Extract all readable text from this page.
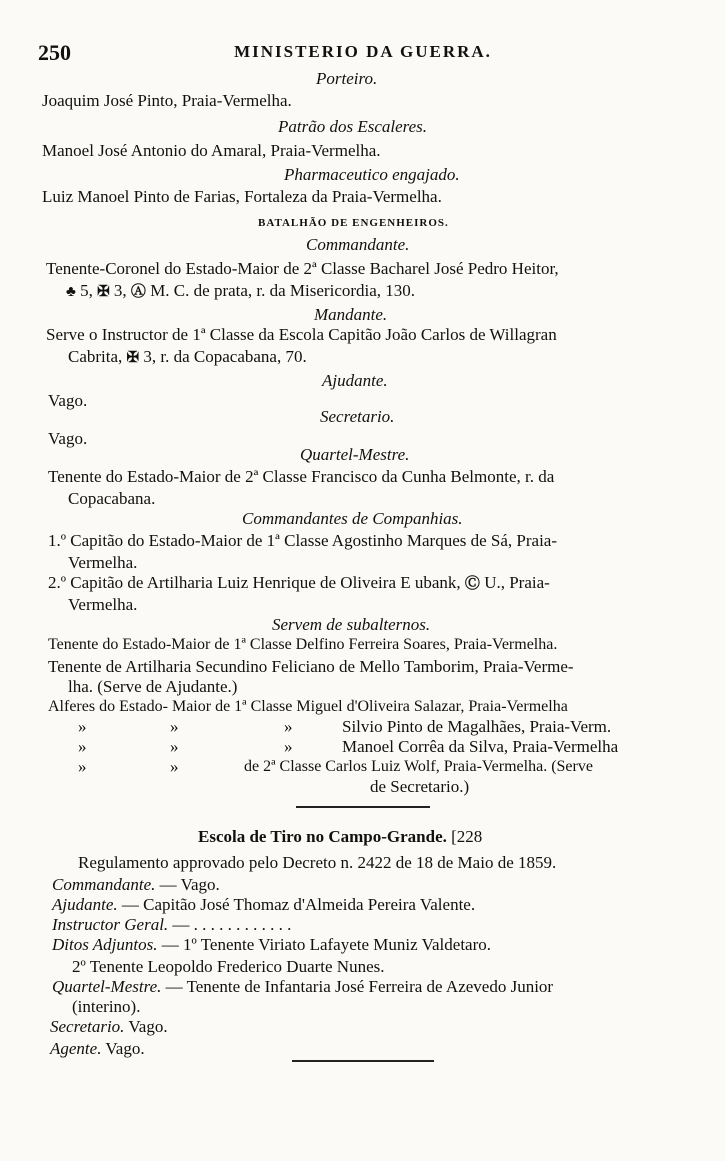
250	MINISTERIO DA GUERRA.
Porteiro.
Joaquim José Pinto, Praia-Vermelha.
Patrão dos Escaleres.
Manoel José Antonio do Amaral, Praia-Vermelha.
Pharmaceutico engajado.
Luiz Manoel Pinto de Farias, Fortaleza da Praia-Vermelha.
BATALHÃO DE ENGENHEIROS.
Commandante.
Tenente-Coronel do Estado-Maior de 2ª Classe Bacharel José Pedro Heitor,
♣ 5, ✠ 3, Ⓐ M. C. de prata, r. da Misericordia, 130.
Mandante.
Serve o Instructor de 1ª Classe da Escola Capitão João Carlos de Willagran
Cabrita, ✠ 3, r. da Copacabana, 70.
Ajudante.
Vago.
Secretario.
Vago.
Quartel-Mestre.
Tenente do Estado-Maior de 2ª Classe Francisco da Cunha Belmonte, r. da
Copacabana.
Commandantes de Companhias.
1.º Capitão do Estado-Maior de 1ª Classe Agostinho Marques de Sá, Praia-
Vermelha.
2.º Capitão de Artilharia Luiz Henrique de Oliveira E ubank, Ⓒ U., Praia-
Vermelha.
Servem de subalternos.
Tenente do Estado-Maior de 1ª Classe Delfino Ferreira Soares, Praia-Vermelha.
Tenente de Artilharia Secundino Feliciano de Mello Tamborim, Praia-Verme-
lha. (Serve de Ajudante.)
Alferes do Estado- Maior de 1ª Classe Miguel d'Oliveira Salazar, Praia-Vermelha
»	»	»	Silvio Pinto de Magalhães, Praia-Verm.
»	»	»	Manoel Corrêa da Silva, Praia-Vermelha
»	»	de 2ª Classe Carlos Luiz Wolf, Praia-Vermelha. (Serve
de Secretario.)
Escola de Tiro no Campo-Grande. [228
Regulamento approvado pelo Decreto n. 2422 de 18 de Maio de 1859.
Commandante. — Vago.
Ajudante. — Capitão José Thomaz d'Almeida Pereira Valente.
Instructor Geral. — . . . . . . . . . . . .
Ditos Adjuntos. — 1º Tenente Viriato Lafayete Muniz Valdetaro.
2º Tenente Leopoldo Frederico Duarte Nunes.
Quartel-Mestre. — Tenente de Infantaria José Ferreira de Azevedo Junior
(interino).
Secretario. Vago.
Agente. Vago.
